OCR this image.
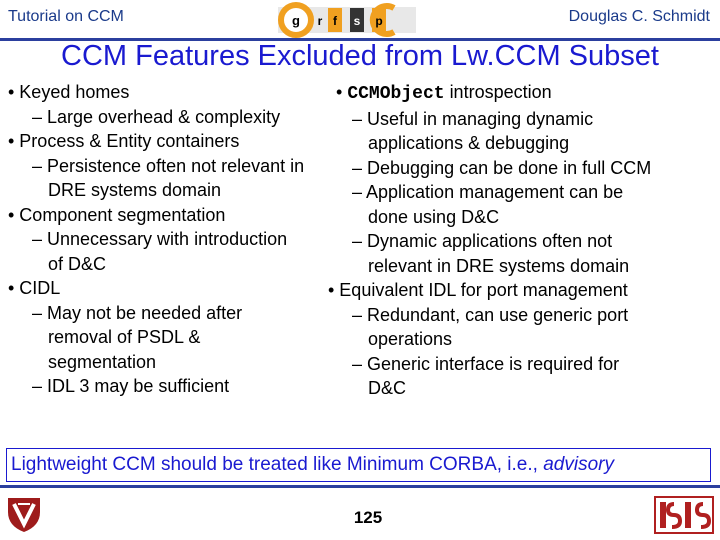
Tutorial on CCM	g r f s p	Douglas C. Schmidt
CCM Features Excluded from Lw.CCM Subset

• Keyed homes

– Large overhead & complexity

• Process & Entity containers

– Persistence often not relevant in

DRE systems domain

• Component segmentation

– Unnecessary with introduction

of D&C

• CIDL

– May not be needed after

removal of PSDL &

segmentation

– IDL 3 may be sufficient

• CCMObject introspection

– Useful in managing dynamic

applications & debugging

– Debugging can be done in full CCM

– Application management can be

done using D&C

– Dynamic applications often not

relevant in DRE systems domain

• Equivalent IDL for port management

– Redundant, can use generic port

operations

– Generic interface is required for

D&C

Lightweight CCM should be treated like Minimum CORBA, i.e., advisory
125
